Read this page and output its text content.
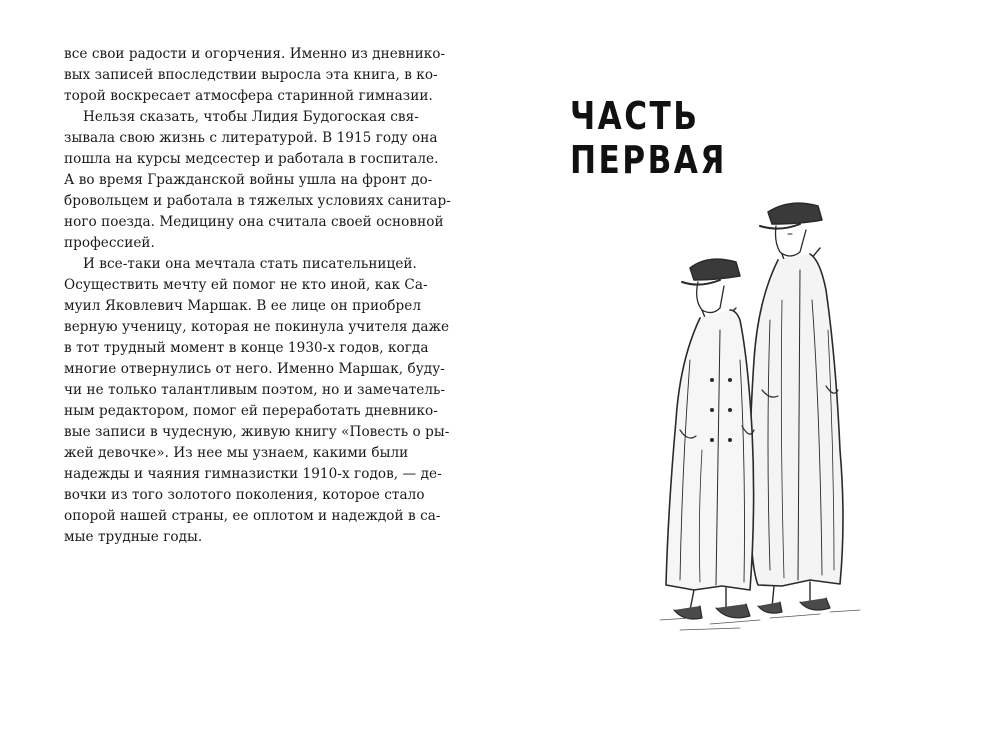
все свои радости и огорчения. Именно из дневнико-
вых записей впоследствии выросла эта книга, в ко-
торой воскресает атмосфера старинной гимназии.
Нельзя сказать, чтобы Лидия Будогоская свя-
зывала свою жизнь с литературой. В 1915 году она
пошла на курсы медсестер и работала в госпитале.
А во время Гражданской войны ушла на фронт до-
бровольцем и работала в тяжелых условиях санитар-
ного поезда. Медицину она считала своей основной
профессией.
И все-таки она мечтала стать писательницей.
Осуществить мечту ей помог не кто иной, как Са-
муил Яковлевич Маршак. В ее лице он приобрел
верную ученицу, которая не покинула учителя даже
в тот трудный момент в конце 1930-х годов, когда
многие отвернулись от него. Именно Маршак, буду-
чи не только талантливым поэтом, но и замечатель-
ным редактором, помог ей переработать дневнико-
вые записи в чудесную, живую книгу «Повесть о ры-
жей девочке». Из нее мы узнаем, какими были
надежды и чаяния гимназистки 1910-х годов, — де-
вочки из того золотого поколения, которое стало
опорой нашей страны, ее оплотом и надеждой в са-
мые трудные годы.
ЧАСТЬ ПЕРВАЯ
